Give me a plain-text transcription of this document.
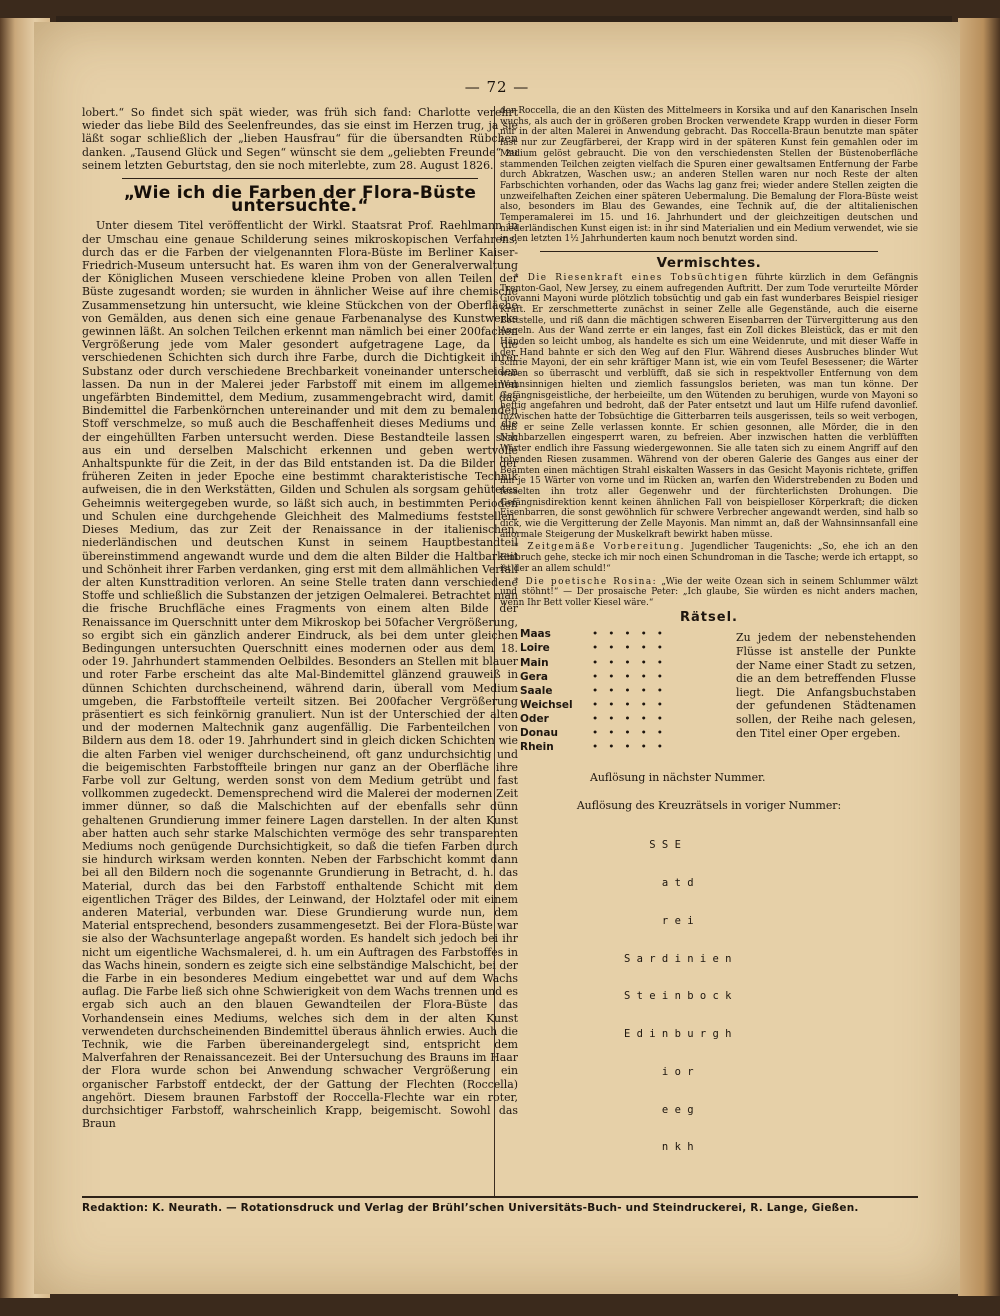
— 72 —

lobert.“ So findet sich spät wieder, was früh sich fand: Charlotte verehrt wieder das liebe Bild des Seelenfreundes, das sie einst im Herzen trug, ja sie läßt sogar schließlich der „lieben Hausfrau“ für die übersandten Rübchen danken. „Tausend Glück und Segen“ wünscht sie dem „geliebten Freunde“ zu seinem letzten Geburtstag, den sie noch miterlebte, zum 28. August 1826.

„Wie ich die Farben der Flora-Büste untersuchte.“

Unter diesem Titel veröffentlicht der Wirkl. Staatsrat Prof. Raehlmann in der Umschau eine genaue Schilderung seines mikroskopischen Verfahrens, durch das er die Farben der vielgenannten Flora-Büste im Berliner Kaiser-Friedrich-Museum untersucht hat. Es waren ihm von der Generalverwaltung der Königlichen Museen verschiedene kleine Proben von allen Teilen der Büste zugesandt worden; sie wurden in ähnlicher Weise auf ihre chemische Zusammensetzung hin untersucht, wie kleine Stückchen von der Oberfläche von Gemälden, aus denen sich eine genaue Farbenanalyse des Kunstwerks gewinnen läßt. An solchen Teilchen erkennt man nämlich bei einer 200fachen Vergrößerung jede vom Maler gesondert aufgetragene Lage, da die verschiedenen Schichten sich durch ihre Farbe, durch die Dichtigkeit ihrer Substanz oder durch verschiedene Brechbarkeit voneinander unterscheiden lassen. Da nun in der Malerei jeder Farbstoff mit einem im allgemeinen ungefärbten Bindemittel, dem Medium, zusammengebracht wird, damit das Bindemittel die Farbenkörnchen untereinander und mit dem zu bemalenden Stoff verschmelze, so muß auch die Beschaffenheit dieses Mediums und die der eingehüllten Farben untersucht werden. Diese Bestandteile lassen sich aus ein und derselben Malschicht erkennen und geben wertvolle Anhaltspunkte für die Zeit, in der das Bild entstanden ist. Da die Bilder der früheren Zeiten in jeder Epoche eine bestimmt charakteristische Technik aufweisen, die in den Werkstätten, Gilden und Schulen als sorgsam gehütetes Geheimnis weitergegeben wurde, so läßt sich auch, in bestimmten Perioden und Schulen eine durchgehende Gleichheit des Malmediums feststellen. Dieses Medium, das zur Zeit der Renaissance in der italienischen, niederländischen und deutschen Kunst in seinem Hauptbestandteil übereinstimmend angewandt wurde und dem die alten Bilder die Haltbarkeit und Schönheit ihrer Farben verdanken, ging erst mit dem allmählichen Verfall der alten Kunsttradition verloren. An seine Stelle traten dann verschiedene Stoffe und schließlich die Substanzen der jetzigen Oelmalerei. Betrachtet man die frische Bruchfläche eines Fragments von einem alten Bilde der Renaissance im Querschnitt unter dem Mikroskop bei 50facher Vergrößerung, so ergibt sich ein gänzlich anderer Eindruck, als bei dem unter gleichen Bedingungen untersuchten Querschnitt eines modernen oder aus dem 18. oder 19. Jahrhundert stammenden Oelbildes. Besonders an Stellen mit blauer und roter Farbe erscheint das alte Mal-Bindemittel glänzend grauweiß in dünnen Schichten durchscheinend, während darin, überall vom Medium umgeben, die Farbstoffteile verteilt sitzen. Bei 200facher Vergrößerung präsentiert es sich feinkörnig granuliert. Nun ist der Unterschied der alten und der modernen Maltechnik ganz augenfällig. Die Farbenteilchen von Bildern aus dem 18. oder 19. Jahrhundert sind in gleich dicken Schichten wie die alten Farben viel weniger durchscheinend, oft ganz undurchsichtig und die beigemischten Farbstoffteile bringen nur ganz an der Oberfläche ihre Farbe voll zur Geltung, werden sonst von dem Medium getrübt und fast vollkommen zugedeckt. Demensprechend wird die Malerei der modernen Zeit immer dünner, so daß die Malschichten auf der ebenfalls sehr dünn gehaltenen Grundierung immer feinere Lagen darstellen. In der alten Kunst aber hatten auch sehr starke Malschichten vermöge des sehr transparenten Mediums noch genügende Durchsichtigkeit, so daß die tiefen Farben durch sie hindurch wirksam werden konnten. Neben der Farbschicht kommt dann bei all den Bildern noch die sogenannte Grundierung in Betracht, d. h. das Material, durch das bei den Farbstoff enthaltende Schicht mit dem eigentlichen Träger des Bildes, der Leinwand, der Holztafel oder mit einem anderen Material, verbunden war. Diese Grundierung wurde nun, dem Material entsprechend, besonders zusammengesetzt. Bei der Flora-Büste war sie also der Wachsunterlage angepaßt worden. Es handelt sich jedoch bei ihr nicht um eigentliche Wachsmalerei, d. h. um ein Auftragen des Farbstoffes in das Wachs hinein, sondern es zeigte sich eine selbständige Malschicht, bei der die Farbe in ein besonderes Medium eingebettet war und auf dem Wachs auflag. Die Farbe ließ sich ohne Schwierigkeit von dem Wachs trennen und es ergab sich auch an den blauen Gewandteilen der Flora-Büste das Vorhandensein eines Mediums, welches sich dem in der alten Kunst verwendeten durchscheinenden Bindemittel überaus ähnlich erwies. Auch die Technik, wie die Farben übereinandergelegt sind, entspricht dem Malverfahren der Renaissancezeit. Bei der Untersuchung des Brauns im Haar der Flora wurde schon bei Anwendung schwacher Vergrößerung ein organischer Farbstoff entdeckt, der der Gattung der Flechten (Roccella) angehört. Diesem braunen Farbstoff der Roccella-Flechte war ein roter, durchsichtiger Farbstoff, wahrscheinlich Krapp, beigemischt. Sowohl das Braun

der Roccella, die an den Küsten des Mittelmeers in Korsika und auf den Kanarischen Inseln wuchs, als auch der in größeren groben Brocken verwendete Krapp wurden in dieser Form nur in der alten Malerei in Anwendung gebracht. Das Roccella-Braun benutzte man später fast nur zur Zeugfärberei, der Krapp wird in der späteren Kunst fein gemahlen oder im Medium gelöst gebraucht. Die von den verschiedensten Stellen der Büstenoberfläche stammenden Teilchen zeigten vielfach die Spuren einer gewaltsamen Entfernung der Farbe durch Abkratzen, Waschen usw.; an anderen Stellen waren nur noch Reste der alten Farbschichten vorhanden, oder das Wachs lag ganz frei; wieder andere Stellen zeigten die unzweifelhaften Zeichen einer späteren Uebermalung. Die Bemalung der Flora-Büste weist also, besonders im Blau des Gewandes, eine Technik auf, die der altitalienischen Temperamalerei im 15. und 16. Jahrhundert und der gleichzeitigen deutschen und niederländischen Kunst eigen ist: in ihr sind Materialien und ein Medium verwendet, wie sie in den letzten 1½ Jahrhunderten kaum noch benutzt worden sind.

Vermischtes.

* Die Riesenkraft eines Tobsüchtigen führte kürzlich in dem Gefängnis Trenton-Gaol, New Jersey, zu einem aufregenden Auftritt. Der zum Tode verurteilte Mörder Giovanni Mayoni wurde plötzlich tobsüchtig und gab ein fast wunderbares Beispiel riesiger Kraft. Er zerschmetterte zunächst in seiner Zelle alle Gegenstände, auch die eiserne Bettstelle, und riß dann die mächtigen schweren Eisenbarren der Türvergitterung aus den Angeln. Aus der Wand zerrte er ein langes, fast ein Zoll dickes Bleistück, das er mit den Händen so leicht umbog, als handelte es sich um eine Weidenrute, und mit dieser Waffe in der Hand bahnte er sich den Weg auf den Flur. Während dieses Ausbruches blinder Wut schrie Mayoni, der ein sehr kräftiger Mann ist, wie ein vom Teufel Besessener; die Wärter waren so überrascht und verblüfft, daß sie sich in respektvoller Entfernung von dem Wahnsinnigen hielten und ziemlich fassungslos berieten, was man tun könne. Der Gefängnisgeistliche, der herbeieilte, um den Wütenden zu beruhigen, wurde von Mayoni so heftig angefahren und bedroht, daß der Pater entsetzt und laut um Hilfe rufend davonlief. Inzwischen hatte der Tobsüchtige die Gitterbarren teils ausgerissen, teils so weit verbogen, daß er seine Zelle verlassen konnte. Er schien gesonnen, alle Mörder, die in den Nachbarzellen eingesperrt waren, zu befreien. Aber inzwischen hatten die verblüfften Wärter endlich ihre Fassung wiedergewonnen. Sie alle taten sich zu einem Angriff auf den tobenden Riesen zusammen. Während von der oberen Galerie des Ganges aus einer der Beamten einen mächtigen Strahl eiskalten Wassers in das Gesicht Mayonis richtete, griffen ihn je 15 Wärter von vorne und im Rücken an, warfen den Widerstrebenden zu Boden und fesselten ihn trotz aller Gegenwehr und der fürchterlichsten Drohungen. Die Gefängnisdirektion kennt keinen ähnlichen Fall von beispielloser Körperkraft; die dicken Eisenbarren, die sonst gewöhnlich für schwere Verbrecher angewandt werden, sind halb so dick, wie die Vergitterung der Zelle Mayonis. Man nimmt an, daß der Wahnsinnsanfall eine anormale Steigerung der Muskelkraft bewirkt haben müsse.

* Zeitgemäße Vorbereitung. Jugendlicher Taugenichts: „So, ehe ich an den Einbruch gehe, stecke ich mir noch einen Schundroman in die Tasche; werde ich ertappt, so ist der an allem schuld!“

* Die poetische Rosina: „Wie der weite Ozean sich in seinem Schlummer wälzt und stöhnt!“ — Der prosaische Peter: „Ich glaube, Sie würden es nicht anders machen, wenn Ihr Bett voller Kiesel wäre.“

Rätsel.
Maas
Loire
Main
Gera
Saale
Weichsel
Oder
Donau
Rhein
•••••
•••••
•••••
•••••
•••••
•••••
•••••
•••••
•••••
Zu jedem der nebenstehenden Flüsse ist anstelle der Punkte der Name einer Stadt zu setzen, die an dem betreffenden Flusse liegt. Die Anfangsbuchstaben der gefundenen Städtenamen sollen, der Reihe nach gelesen, den Titel einer Oper ergeben.
Auflösung in nächster Nummer.
Auflösung des Kreuzrätsels in voriger Nummer:

S S E

a t d

r e i

S a r d i n i e n

S t e i n b o c k

E d i n b u r g h

i o r

e e g

n k h

Redaktion: K. Neurath. — Rotationsdruck und Verlag der Brühl’schen Universitäts-Buch- und Steindruckerei, R. Lange, Gießen.
